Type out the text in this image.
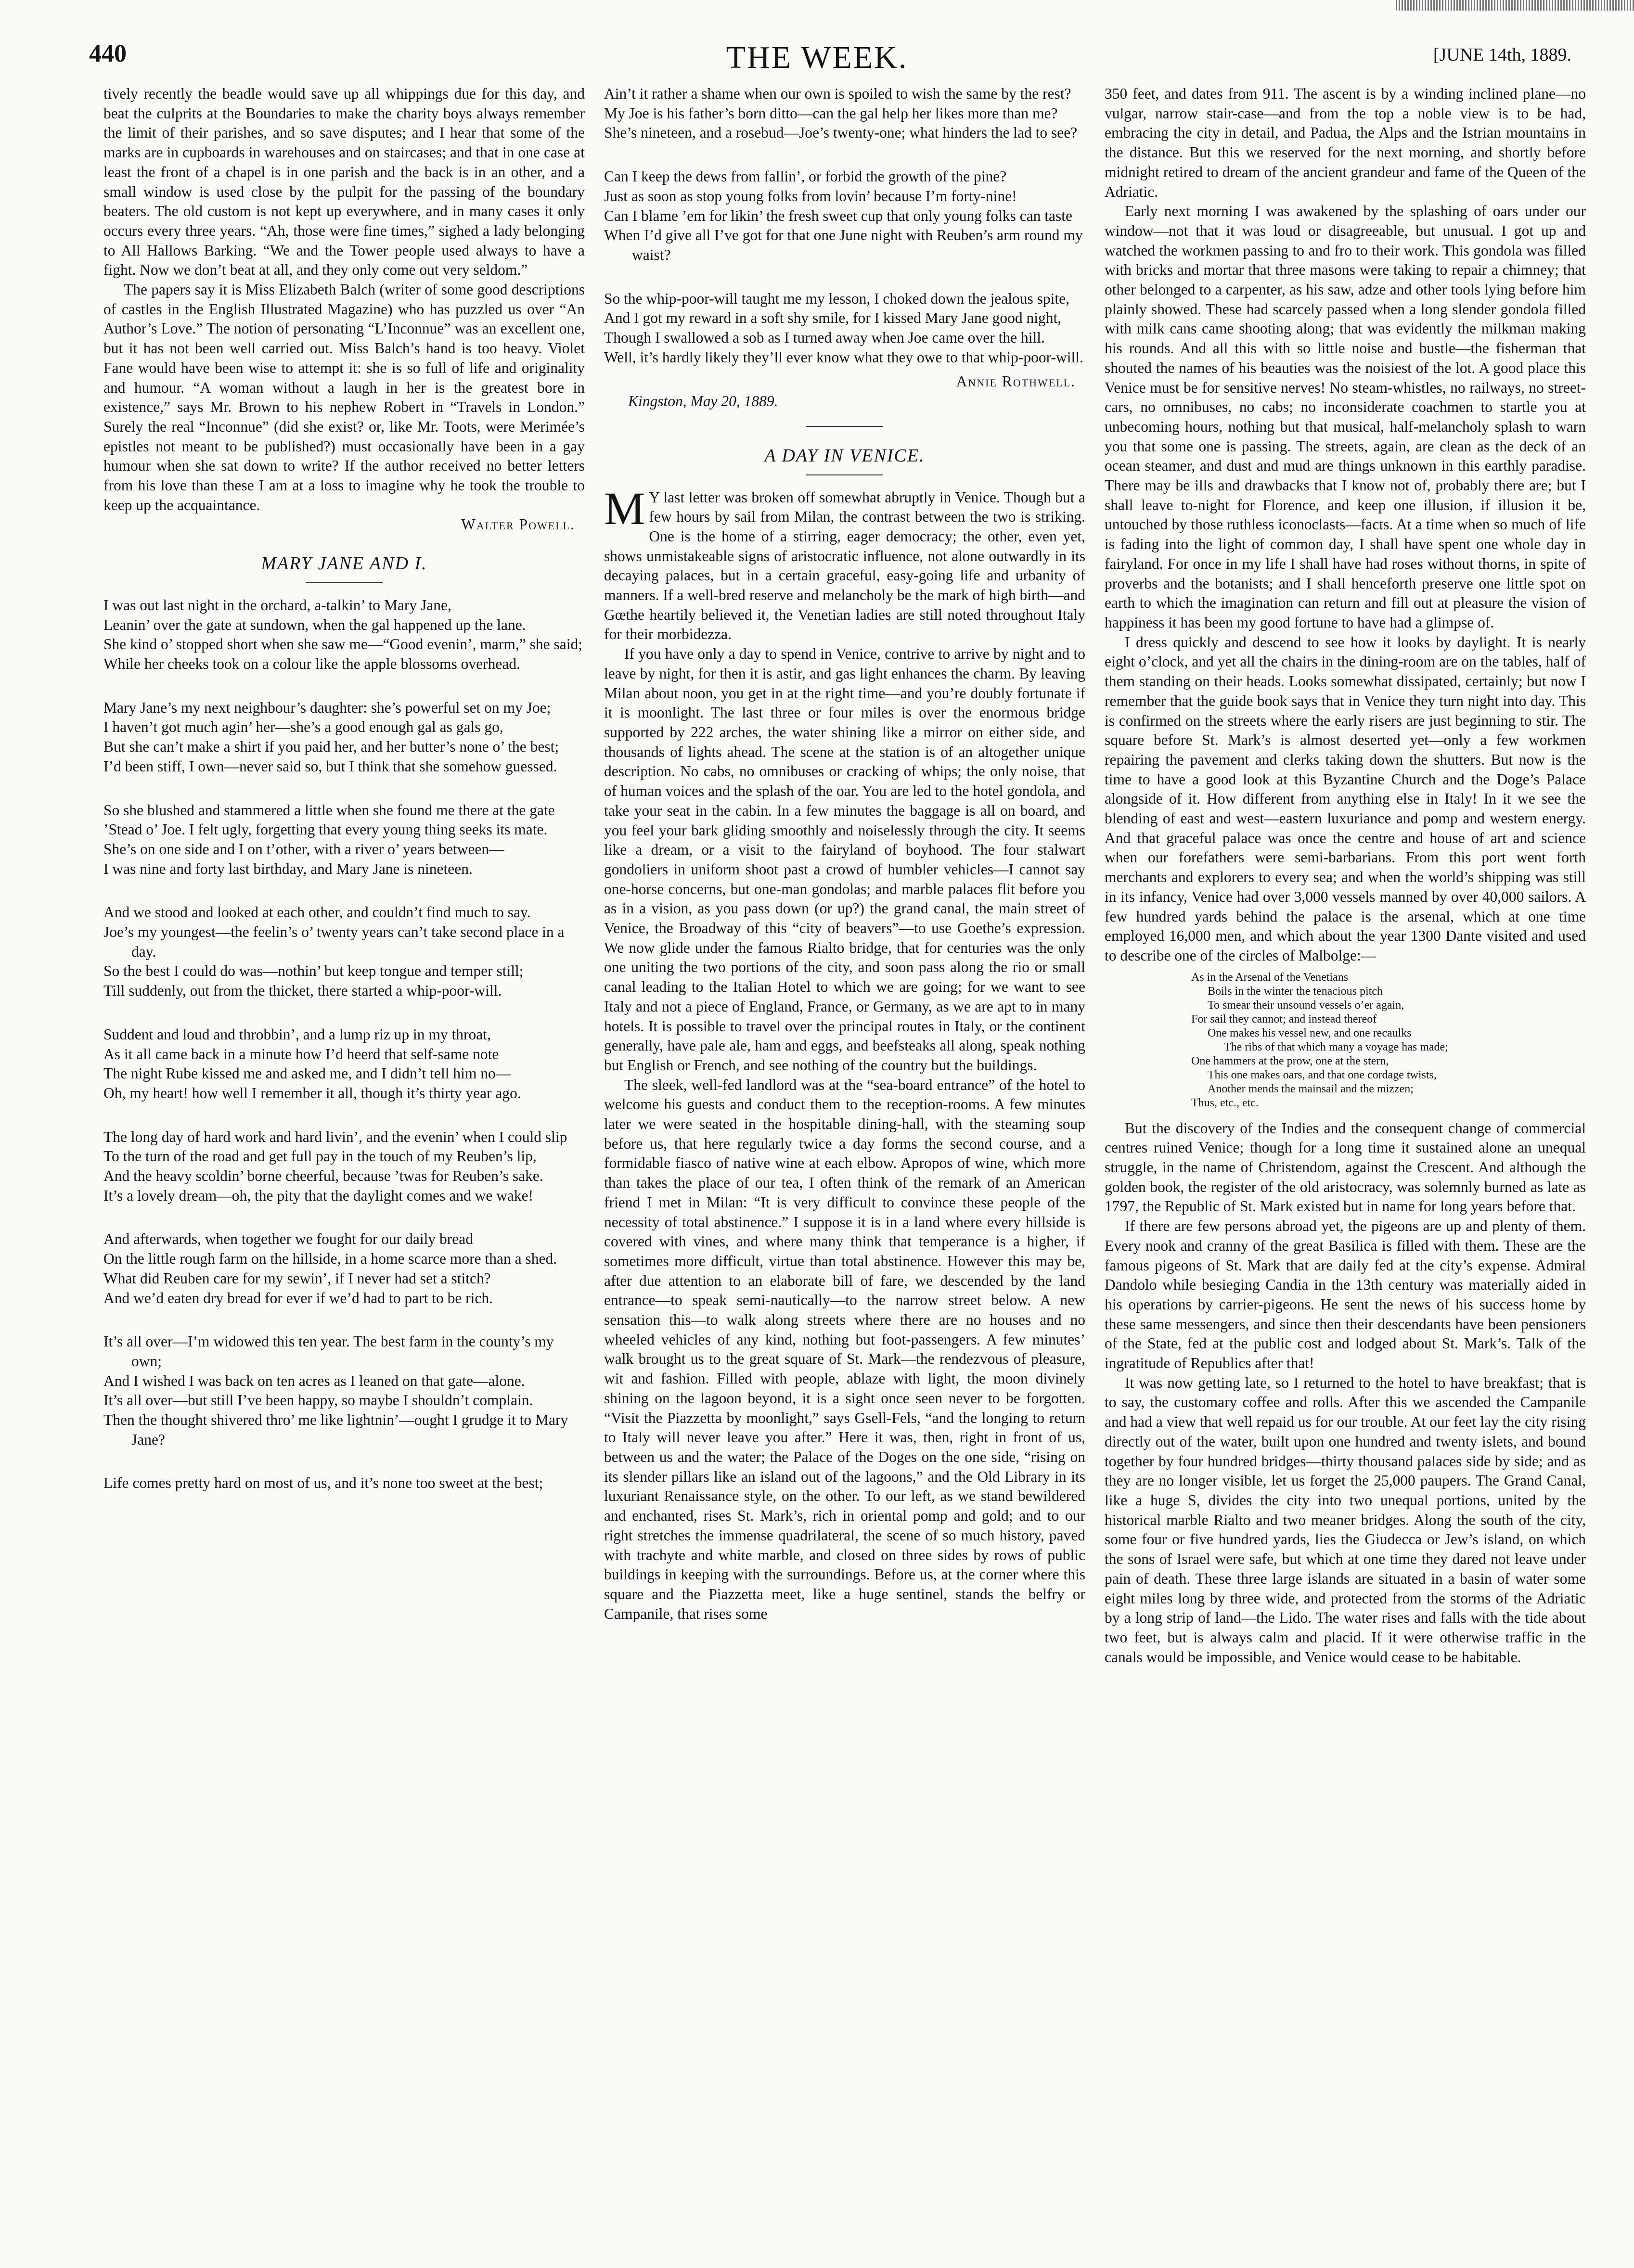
440	THE WEEK.	[JUNE 14th, 1889.

tively recently the beadle would save up all whippings due for this day, and beat the culprits at the Boundaries to make the charity boys always remember the limit of their parishes, and so save disputes; and I hear that some of the marks are in cupboards in warehouses and on staircases; and that in one case at least the front of a chapel is in one parish and the back is in an other, and a small window is used close by the pulpit for the passing of the boundary beaters. The old custom is not kept up everywhere, and in many cases it only occurs every three years. “Ah, those were fine times,” sighed a lady belonging to All Hallows Barking. “We and the Tower people used always to have a fight. Now we don’t beat at all, and they only come out very seldom.”

The papers say it is Miss Elizabeth Balch (writer of some good descriptions of castles in the English Illustrated Magazine) who has puzzled us over “An Author’s Love.” The notion of personating “L’Inconnue” was an excellent one, but it has not been well carried out. Miss Balch’s hand is too heavy. Violet Fane would have been wise to attempt it: she is so full of life and originality and humour. “A woman without a laugh in her is the greatest bore in existence,” says Mr. Brown to his nephew Robert in “Travels in London.” Surely the real “Inconnue” (did she exist? or, like Mr. Toots, were Merimée’s epistles not meant to be published?) must occasionally have been in a gay humour when she sat down to write? If the author received no better letters from his love than these I am at a loss to imagine why he took the trouble to keep up the acquaintance.

Walter Powell.

MARY JANE AND I.
I was out last night in the orchard, a-talkin’ to Mary Jane,
Leanin’ over the gate at sundown, when the gal happened up the lane.
She kind o’ stopped short when she saw me—“Good evenin’, marm,” she said;
While her cheeks took on a colour like the apple blossoms overhead.
Mary Jane’s my next neighbour’s daughter: she’s powerful set on my Joe;
I haven’t got much agin’ her—she’s a good enough gal as gals go,
But she can’t make a shirt if you paid her, and her butter’s none o’ the best;
I’d been stiff, I own—never said so, but I think that she somehow guessed.
So she blushed and stammered a little when she found me there at the gate
’Stead o’ Joe. I felt ugly, forgetting that every young thing seeks its mate.
She’s on one side and I on t’other, with a river o’ years between—
I was nine and forty last birthday, and Mary Jane is nineteen.
And we stood and looked at each other, and couldn’t find much to say.
Joe’s my youngest—the feelin’s o’ twenty years can’t take second place in a day.
So the best I could do was—nothin’ but keep tongue and temper still;
Till suddenly, out from the thicket, there started a whip-poor-will.
Suddent and loud and throbbin’, and a lump riz up in my throat,
As it all came back in a minute how I’d heerd that self-same note
The night Rube kissed me and asked me, and I didn’t tell him no—
Oh, my heart! how well I remember it all, though it’s thirty year ago.
The long day of hard work and hard livin’, and the evenin’ when I could slip
To the turn of the road and get full pay in the touch of my Reuben’s lip,
And the heavy scoldin’ borne cheerful, because ’twas for Reuben’s sake.
It’s a lovely dream—oh, the pity that the daylight comes and we wake!
And afterwards, when together we fought for our daily bread
On the little rough farm on the hillside, in a home scarce more than a shed.
What did Reuben care for my sewin’, if I never had set a stitch?
And we’d eaten dry bread for ever if we’d had to part to be rich.
It’s all over—I’m widowed this ten year. The best farm in the county’s my own;
And I wished I was back on ten acres as I leaned on that gate—alone.
It’s all over—but still I’ve been happy, so maybe I shouldn’t complain.
Then the thought shivered thro’ me like lightnin’—ought I grudge it to Mary Jane?
Life comes pretty hard on most of us, and it’s none too sweet at the best;
Ain’t it rather a shame when our own is spoiled to wish the same by the rest?
My Joe is his father’s born ditto—can the gal help her likes more than me?
She’s nineteen, and a rosebud—Joe’s twenty-one; what hinders the lad to see?
Can I keep the dews from fallin’, or forbid the growth of the pine?
Just as soon as stop young folks from lovin’ because I’m forty-nine!
Can I blame ’em for likin’ the fresh sweet cup that only young folks can taste
When I’d give all I’ve got for that one June night with Reuben’s arm round my waist?
So the whip-poor-will taught me my lesson, I choked down the jealous spite,
And I got my reward in a soft shy smile, for I kissed Mary Jane good night,
Though I swallowed a sob as I turned away when Joe came over the hill.
Well, it’s hardly likely they’ll ever know what they owe to that whip-poor-will.

Annie Rothwell.

Kingston, May 20, 1889.

A DAY IN VENICE.

M Y last letter was broken off somewhat abruptly in Venice. Though but a few hours by sail from Milan, the contrast between the two is striking. One is the home of a stirring, eager democracy; the other, even yet, shows unmistakeable signs of aristocratic influence, not alone outwardly in its decaying palaces, but in a certain graceful, easy-going life and urbanity of manners. If a well-bred reserve and melancholy be the mark of high birth—and Gœthe heartily believed it, the Venetian ladies are still noted throughout Italy for their morbidezza.

If you have only a day to spend in Venice, contrive to arrive by night and to leave by night, for then it is astir, and gas light enhances the charm. By leaving Milan about noon, you get in at the right time—and you’re doubly fortunate if it is moonlight. The last three or four miles is over the enormous bridge supported by 222 arches, the water shining like a mirror on either side, and thousands of lights ahead. The scene at the station is of an altogether unique description. No cabs, no omnibuses or cracking of whips; the only noise, that of human voices and the splash of the oar. You are led to the hotel gondola, and take your seat in the cabin. In a few minutes the baggage is all on board, and you feel your bark gliding smoothly and noiselessly through the city. It seems like a dream, or a visit to the fairyland of boyhood. The four stalwart gondoliers in uniform shoot past a crowd of humbler vehicles—I cannot say one-horse concerns, but one-man gondolas; and marble palaces flit before you as in a vision, as you pass down (or up?) the grand canal, the main street of Venice, the Broadway of this “city of beavers”—to use Goethe’s expression. We now glide under the famous Rialto bridge, that for centuries was the only one uniting the two portions of the city, and soon pass along the rio or small canal leading to the Italian Hotel to which we are going; for we want to see Italy and not a piece of England, France, or Germany, as we are apt to in many hotels. It is possible to travel over the principal routes in Italy, or the continent generally, have pale ale, ham and eggs, and beefsteaks all along, speak nothing but English or French, and see nothing of the country but the buildings.

The sleek, well-fed landlord was at the “sea-board entrance” of the hotel to welcome his guests and conduct them to the reception-rooms. A few minutes later we were seated in the hospitable dining-hall, with the steaming soup before us, that here regularly twice a day forms the second course, and a formidable fiasco of native wine at each elbow. Apropos of wine, which more than takes the place of our tea, I often think of the remark of an American friend I met in Milan: “It is very difficult to convince these people of the necessity of total abstinence.” I suppose it is in a land where every hillside is covered with vines, and where many think that temperance is a higher, if sometimes more difficult, virtue than total abstinence. However this may be, after due attention to an elaborate bill of fare, we descended by the land entrance—to speak semi-nautically—to the narrow street below. A new sensation this—to walk along streets where there are no houses and no wheeled vehicles of any kind, nothing but foot-passengers. A few minutes’ walk brought us to the great square of St. Mark—the rendezvous of pleasure, wit and fashion. Filled with people, ablaze with light, the moon divinely shining on the lagoon beyond, it is a sight once seen never to be forgotten. “Visit the Piazzetta by moonlight,” says Gsell-Fels, “and the longing to return to Italy will never leave you after.” Here it was, then, right in front of us, between us and the water; the Palace of the Doges on the one side, “rising on its slender pillars like an island out of the lagoons,” and the Old Library in its luxuriant Renaissance style, on the other. To our left, as we stand bewildered and enchanted, rises St. Mark’s, rich in oriental pomp and gold; and to our right stretches the immense quadrilateral, the scene of so much history, paved with trachyte and white marble, and closed on three sides by rows of public buildings in keeping with the surroundings. Before us, at the corner where this square and the Piazzetta meet, like a huge sentinel, stands the belfry or Campanile, that rises some

350 feet, and dates from 911. The ascent is by a winding inclined plane—no vulgar, narrow stair-case—and from the top a noble view is to be had, embracing the city in detail, and Padua, the Alps and the Istrian mountains in the distance. But this we reserved for the next morning, and shortly before midnight retired to dream of the ancient grandeur and fame of the Queen of the Adriatic.

Early next morning I was awakened by the splashing of oars under our window—not that it was loud or disagreeable, but unusual. I got up and watched the workmen passing to and fro to their work. This gondola was filled with bricks and mortar that three masons were taking to repair a chimney; that other belonged to a carpenter, as his saw, adze and other tools lying before him plainly showed. These had scarcely passed when a long slender gondola filled with milk cans came shooting along; that was evidently the milkman making his rounds. And all this with so little noise and bustle—the fisherman that shouted the names of his beauties was the noisiest of the lot. A good place this Venice must be for sensitive nerves! No steam-whistles, no railways, no street-cars, no omnibuses, no cabs; no inconsiderate coachmen to startle you at unbecoming hours, nothing but that musical, half-melancholy splash to warn you that some one is passing. The streets, again, are clean as the deck of an ocean steamer, and dust and mud are things unknown in this earthly paradise. There may be ills and drawbacks that I know not of, probably there are; but I shall leave to-night for Florence, and keep one illusion, if illusion it be, untouched by those ruthless iconoclasts—facts. At a time when so much of life is fading into the light of common day, I shall have spent one whole day in fairyland. For once in my life I shall have had roses without thorns, in spite of proverbs and the botanists; and I shall henceforth preserve one little spot on earth to which the imagination can return and fill out at pleasure the vision of happiness it has been my good fortune to have had a glimpse of.

I dress quickly and descend to see how it looks by daylight. It is nearly eight o’clock, and yet all the chairs in the dining-room are on the tables, half of them standing on their heads. Looks somewhat dissipated, certainly; but now I remember that the guide book says that in Venice they turn night into day. This is confirmed on the streets where the early risers are just beginning to stir. The square before St. Mark’s is almost deserted yet—only a few workmen repairing the pavement and clerks taking down the shutters. But now is the time to have a good look at this Byzantine Church and the Doge’s Palace alongside of it. How different from anything else in Italy! In it we see the blending of east and west—eastern luxuriance and pomp and western energy. And that graceful palace was once the centre and house of art and science when our forefathers were semi-barbarians. From this port went forth merchants and explorers to every sea; and when the world’s shipping was still in its infancy, Venice had over 3,000 vessels manned by over 40,000 sailors. A few hundred yards behind the palace is the arsenal, which at one time employed 16,000 men, and which about the year 1300 Dante visited and used to describe one of the circles of Malbolge:—

As in the Arsenal of the Venetians
Boils in the winter the tenacious pitch
To smear their unsound vessels o’er again,
For sail they cannot; and instead thereof
One makes his vessel new, and one recaulks
The ribs of that which many a voyage has made;
One hammers at the prow, one at the stern,
This one makes oars, and that one cordage twists,
Another mends the mainsail and the mizzen;
Thus, etc., etc.

But the discovery of the Indies and the consequent change of commercial centres ruined Venice; though for a long time it sustained alone an unequal struggle, in the name of Christendom, against the Crescent. And although the golden book, the register of the old aristocracy, was solemnly burned as late as 1797, the Republic of St. Mark existed but in name for long years before that.

If there are few persons abroad yet, the pigeons are up and plenty of them. Every nook and cranny of the great Basilica is filled with them. These are the famous pigeons of St. Mark that are daily fed at the city’s expense. Admiral Dandolo while besieging Candia in the 13th century was materially aided in his operations by carrier-pigeons. He sent the news of his success home by these same messengers, and since then their descendants have been pensioners of the State, fed at the public cost and lodged about St. Mark’s. Talk of the ingratitude of Republics after that!

It was now getting late, so I returned to the hotel to have breakfast; that is to say, the customary coffee and rolls. After this we ascended the Campanile and had a view that well repaid us for our trouble. At our feet lay the city rising directly out of the water, built upon one hundred and twenty islets, and bound together by four hundred bridges—thirty thousand palaces side by side; and as they are no longer visible, let us forget the 25,000 paupers. The Grand Canal, like a huge S, divides the city into two unequal portions, united by the historical marble Rialto and two meaner bridges. Along the south of the city, some four or five hundred yards, lies the Giudecca or Jew’s island, on which the sons of Israel were safe, but which at one time they dared not leave under pain of death. These three large islands are situated in a basin of water some eight miles long by three wide, and protected from the storms of the Adriatic by a long strip of land—the Lido. The water rises and falls with the tide about two feet, but is always calm and placid. If it were otherwise traffic in the canals would be impossible, and Venice would cease to be habitable.
